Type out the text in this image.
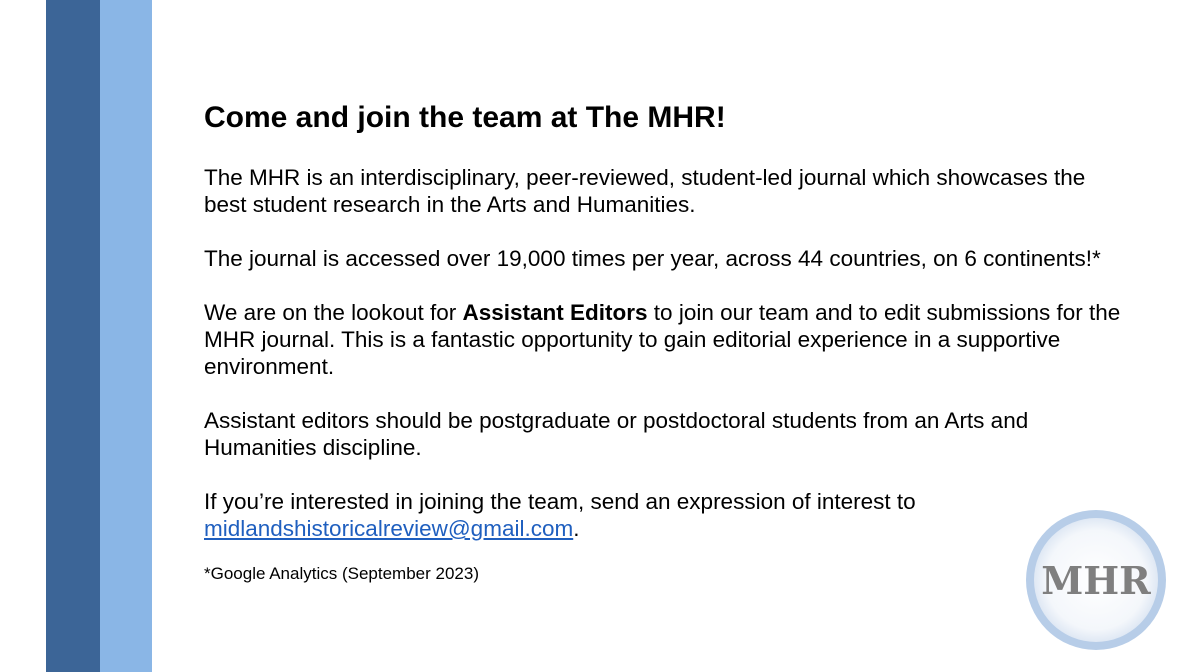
Come and join the team at The MHR!

The MHR is an interdisciplinary, peer-reviewed, student-led journal which showcases the best student research in the Arts and Humanities.

The journal is accessed over 19,000 times per year, across 44 countries, on 6 continents!*

We are on the lookout for Assistant Editors to join our team and to edit submissions for the MHR journal. This is a fantastic opportunity to gain editorial experience in a supportive environment.

Assistant editors should be postgraduate or postdoctoral students from an Arts and Humanities discipline.

If you’re interested in joining the team, send an expression of interest to midlandshistoricalreview@gmail.com.

*Google Analytics (September 2023)	MHR
